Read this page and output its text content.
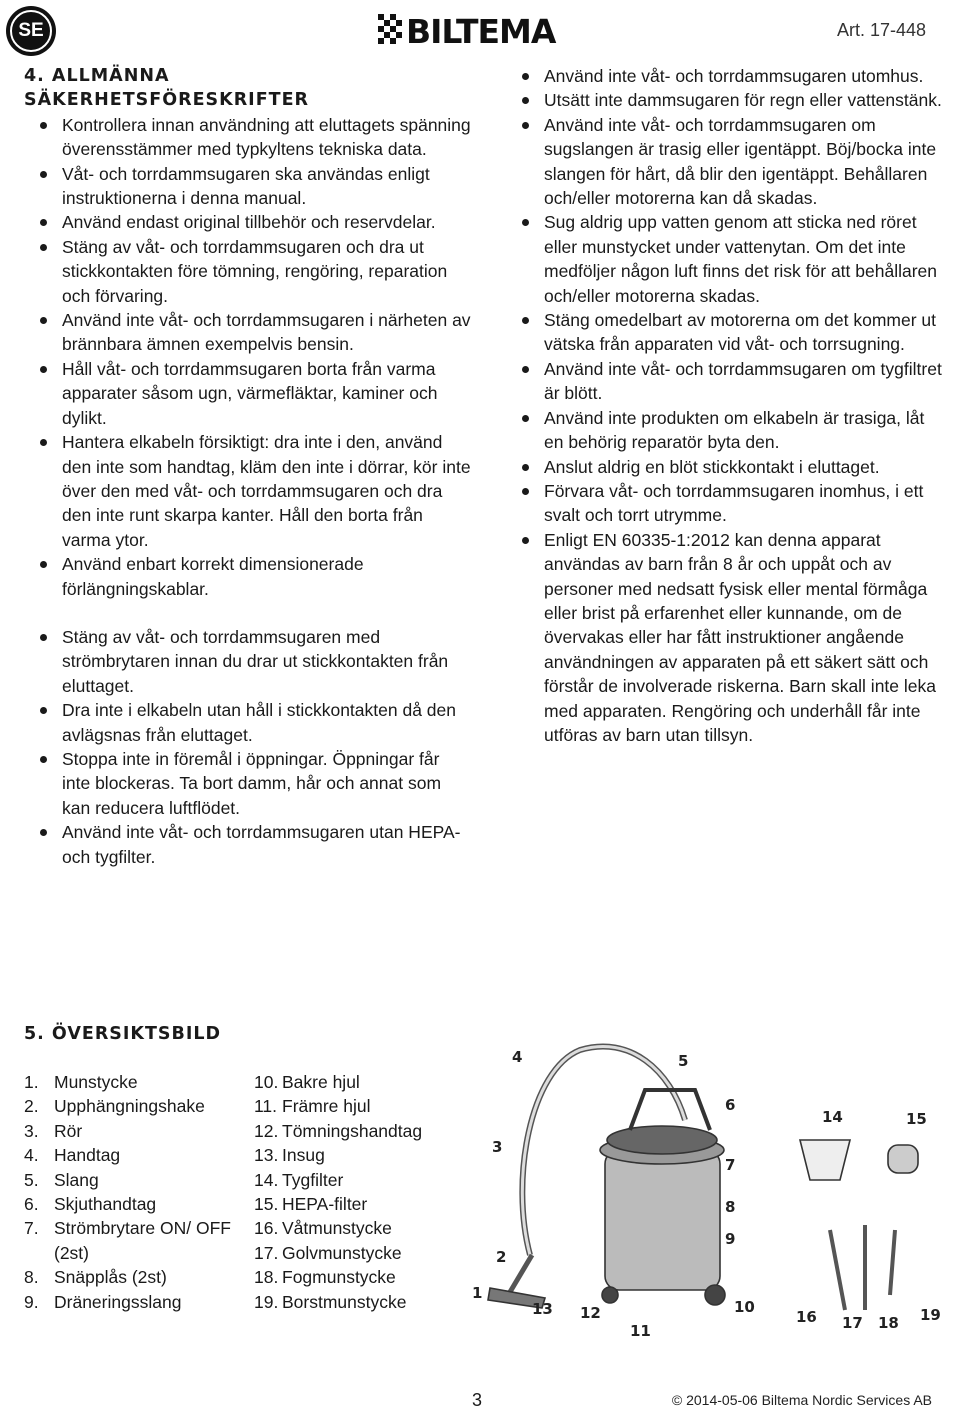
SE	BILTEMA	Art. 17-448
4. ALLMÄNNA
SÄKERHETSFÖRESKRIFTER
Kontrollera innan användning att eluttagets spänning överensstämmer med typkyltens tekniska data.
Våt- och torrdammsugaren ska användas enligt instruktionerna i denna manual.
Använd endast original tillbehör och reservdelar.
Stäng av våt- och torrdammsugaren och dra ut stickkontakten före tömning, rengöring, reparation och förvaring.
Använd inte våt- och torrdammsugaren i närheten av brännbara ämnen exempelvis bensin.
Håll våt- och torrdammsugaren borta från varma apparater såsom ugn, värmefläktar, kaminer och dylikt.
Hantera elkabeln försiktigt: dra inte i den, använd den inte som handtag, kläm den inte i dörrar, kör inte över den med våt- och torrdammsugaren och dra den inte runt skarpa kanter. Håll den borta från varma ytor.
Använd enbart korrekt dimensionerade förlängningskablar.
Stäng av våt- och torrdammsugaren med strömbrytaren innan du drar ut stickkontakten från eluttaget.
Dra inte i elkabeln utan håll i stickkontakten då den avlägsnas från eluttaget.
Stoppa inte in föremål i öppningar. Öppningar får inte blockeras. Ta bort damm, hår och annat som kan reducera luftflödet.
Använd inte våt- och torrdammsugaren utan HEPA- och tygfilter.
Använd inte våt- och torrdammsugaren utomhus.
Utsätt inte dammsugaren för regn eller vattenstänk.
Använd inte våt- och torrdammsugaren om sugslangen är trasig eller igentäppt. Böj/bocka inte slangen för hårt, då blir den igentäppt. Behållaren och/eller motorerna kan då skadas.
Sug aldrig upp vatten genom att sticka ned röret eller munstycket under vattenytan. Om det inte medföljer någon luft finns det risk för att behållaren och/eller motorerna skadas.
Stäng omedelbart av motorerna om det kommer ut vätska från apparaten vid våt- och torrsugning.
Använd inte våt- och torrdammsugaren om tygfiltret är blött.
Använd inte produkten om elkabeln är trasiga, låt en behörig reparatör byta den.
Anslut aldrig en blöt stickkontakt i eluttaget.
Förvara våt- och torrdammsugaren inomhus, i ett svalt och torrt utrymme.
Enligt EN 60335-1:2012 kan denna apparat användas av barn från 8 år och uppåt och av personer med nedsatt fysisk eller mental förmåga eller brist på erfarenhet eller kunnande, om de övervakas eller har fått instruktioner angående användningen av apparaten på ett säkert sätt och förstår de involverade riskerna. Barn skall inte leka med apparaten. Rengöring och underhåll får inte utföras av barn utan tillsyn.
5. ÖVERSIKTSBILD
1. Munstycke
2. Upphängningshake
3. Rör
4. Handtag
5. Slang
6. Skjuthandtag
7. Strömbrytare ON/ OFF (2st)
8. Snäpplås (2st)
9. Dräneringsslang
10. Bakre hjul
11. Främre hjul
12. Tömningshandtag
13. Insug
14. Tygfilter
15. HEPA-filter
16. Våtmunstycke
17. Golvmunstycke
18. Fogmunstycke
19. Borstmunstycke	1
2
3
4	5
6
7
8
9
10
11
12
13
14	15
16 17 18 19
3	© 2014-05-06 Biltema Nordic Services AB
